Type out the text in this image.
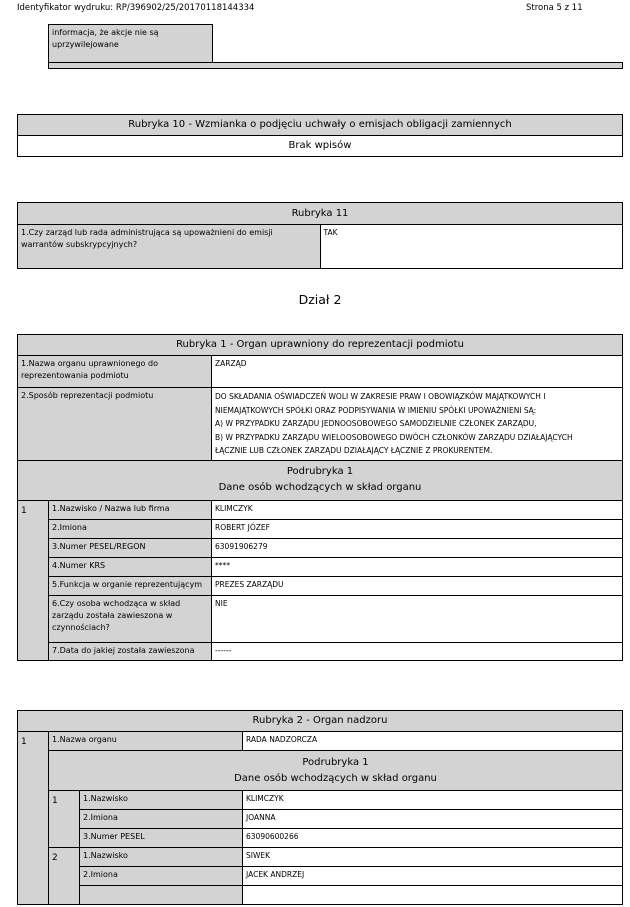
Identyfikator wydruku: RP/396902/25/20170118144334	Strona 5 z 11
informacja, że akcje nie są uprzywilejowane	

Rubryka 10 - Wzmianka o podjęciu uchwały o emisjach obligacji zamiennych
Brak wpisów
Rubryka 11
1.Czy zarząd lub rada administrująca są upoważnieni do emisji warrantów subskrypcyjnych?	TAK
Dział 2
Rubryka 1 - Organ uprawniony do reprezentacji podmiotu		
1.Nazwa organu uprawnionego do reprezentowania podmiotu		ZARZĄD
2.Sposób reprezentacji podmiotu		DO SKŁADANIA OŚWIADCZEŃ WOLI W ZAKRESIE PRAW I OBOWIĄZKÓW MAJĄTKOWYCH I
NIEMAJĄTKOWYCH SPÓŁKI ORAZ PODPISYWANIA W IMIENIU SPÓŁKI UPOWAŻNIENI SĄ:
A) W PRZYPADKU ZARZĄDU JEDNOOSOBOWEGO SAMODZIELNIE CZŁONEK ZARZĄDU,
B) W PRZYPADKU ZARZĄDU WIELOOSOBOWEGO DWÓCH CZŁONKÓW ZARZĄDU DZIAŁAJĄCYCH
ŁĄCZNIE LUB CZŁONEK ZARZĄDU DZIAŁAJĄCY ŁĄCZNIE Z PROKURENTEM.

Podrubryka 1
Dane osób wchodzących w skład organu		

1	1.Nazwisko / Nazwa lub firma	KLIMCZYK
	2.Imiona	ROBERT JÓZEF
	3.Numer PESEL/REGON	63091906279
	4.Numer KRS	****
	5.Funkcja w organie reprezentującym	PREZES ZARZĄDU
	6.Czy osoba wchodząca w skład zarządu została zawieszona w czynnościach?	NIE
	7.Data do jakiej została zawieszona	------
Rubryka 2 - Organ nadzoru			
1	1.Nazwa organu		RADA NADZORCZA

	Podrubryka 1
Dane osób wchodzących w skład organu		

	1	1.Nazwisko	KLIMCZYK
		2.Imiona	JOANNA
		3.Numer PESEL	63090600266
	2	1.Nazwisko	SIWEK
		2.Imiona	JACEK ANDRZEJ
